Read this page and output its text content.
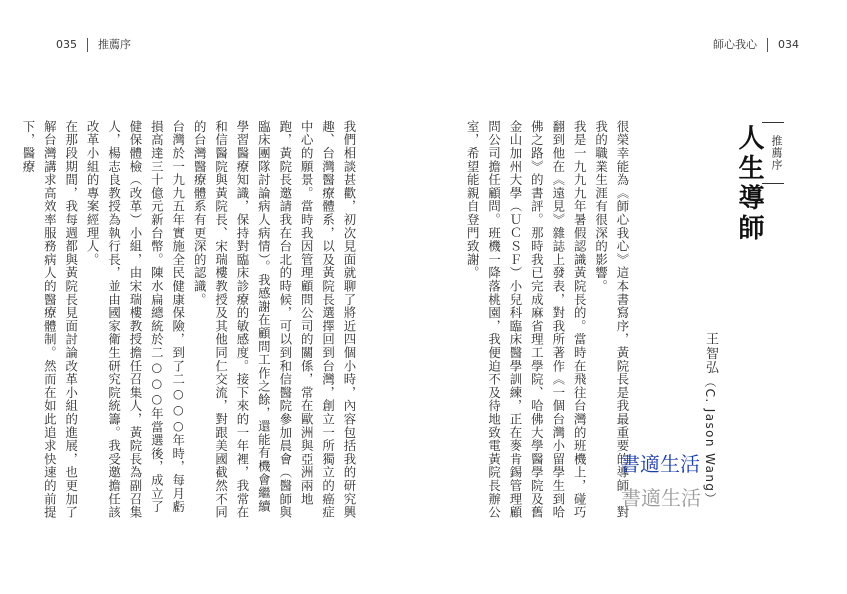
035 推薦序	師心我心 034
推薦序
人生導師
王智弘（C. Jason Wang）

很榮幸能為《師心我心》這本書寫序，黃院長是我最重要的導師，對我的職業生涯有很深的影響。

我是一九九九年暑假認識黃院長的。當時在飛往台灣的班機上，碰巧翻到他在《遠見》雜誌上發表，對我所著作《一個台灣小留學生到哈佛之路》的書評。那時我已完成麻省理工學院、哈佛大學醫學院及舊金山加州大學（ＵＣＳＦ）小兒科臨床醫學訓練，正在麥肯錫管理顧問公司擔任顧問。班機一降落桃園，我便迫不及待地致電黃院長辦公室，希望能親自登門致謝。

我們相談甚歡，初次見面就聊了將近四個小時，內容包括我的研究興趣、台灣醫療體系，以及黃院長選擇回到台灣，創立一所獨立的癌症中心的願景。當時我因管理顧問公司的關係，常在歐洲與亞洲兩地跑，黃院長邀請我在台北的時候，可以到和信醫院參加晨會（醫師與臨床團隊討論病人病情）。我感謝在顧問工作之餘，還能有機會繼續學習醫療知識，保持對臨床診療的敏感度。接下來的一年裡，我常在和信醫院與黃院長、宋瑞樓教授及其他同仁交流，對跟美國截然不同的台灣醫療體系有更深的認識。

台灣於一九九五年實施全民健康保險，到了二○○○年時，每月虧損高達三十億元新台幣。陳水扁總統於二○○○年當選後，成立了健保體檢（改革）小組，由宋瑞樓教授擔任召集人，黃院長為副召集人，楊志良教授為執行長，並由國家衛生研究院統籌。我受邀擔任該改革小組的專案經理人。

在那段期間，我每週都與黃院長見面討論改革小組的進展，也更加了解台灣講求高效率服務病人的醫療體制。然而在如此追求快速的前提下，醫療

書適生活
書適生活
